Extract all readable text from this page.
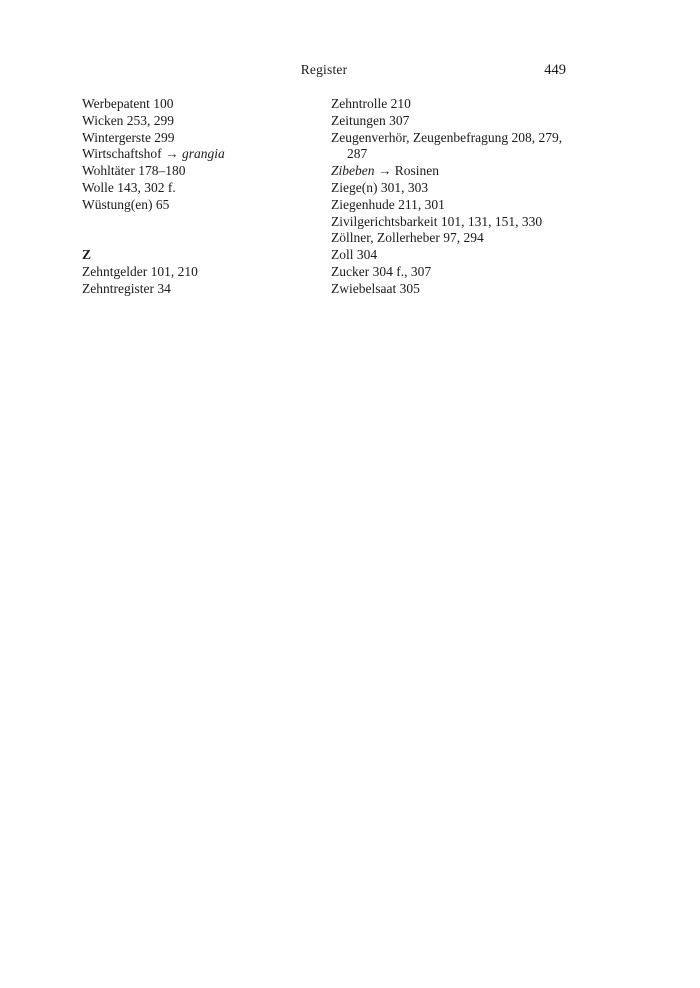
Register	449

Werbepatent 100

Wicken 253, 299

Wintergerste 299

Wirtschaftshof → grangia

Wohltäter 178–180

Wolle 143, 302 f.

Wüstung(en) 65

Z

Zehntgelder 101, 210

Zehntregister 34

Zehntrolle 210

Zeitungen 307

Zeugenverhör, Zeugenbefragung 208, 279, 287

Zibeben → Rosinen

Ziege(n) 301, 303

Ziegenhude 211, 301

Zivilgerichtsbarkeit 101, 131, 151, 330

Zöllner, Zollerheber 97, 294

Zoll 304

Zucker 304 f., 307

Zwiebelsaat 305
